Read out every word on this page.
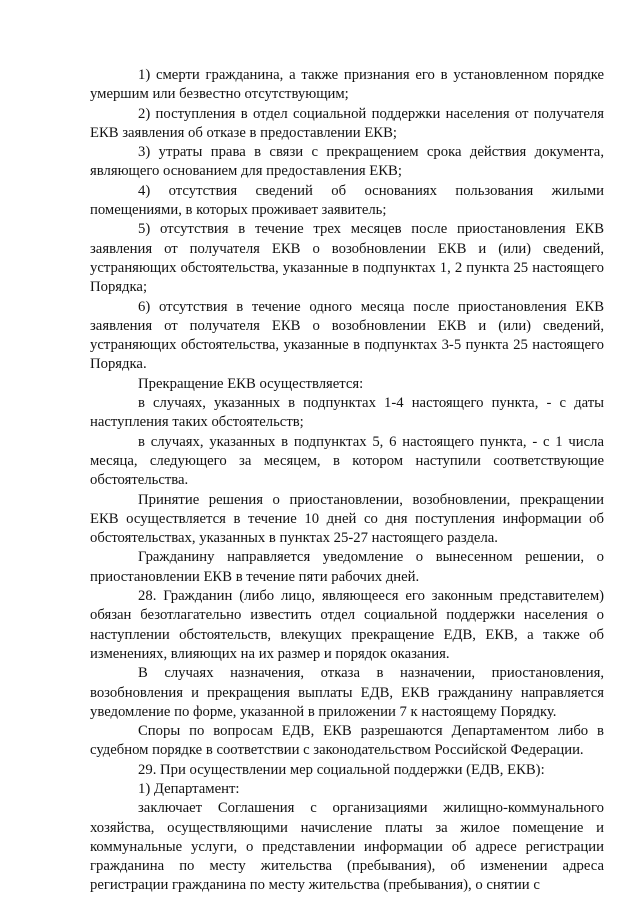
1) смерти гражданина, а также признания его в установленном порядке умершим или безвестно отсутствующим;

2) поступления в отдел социальной поддержки населения от получателя ЕКВ заявления об отказе в предоставлении ЕКВ;

3) утраты права в связи с прекращением срока действия документа, являющего основанием для предоставления ЕКВ;

4) отсутствия сведений об основаниях пользования жилыми помещениями, в которых проживает заявитель;

5) отсутствия в течение трех месяцев после приостановления ЕКВ заявления от получателя ЕКВ о возобновлении ЕКВ и (или) сведений, устраняющих обстоятельства, указанные в подпунктах 1, 2 пункта 25 настоящего Порядка;

6) отсутствия в течение одного месяца после приостановления ЕКВ заявления от получателя ЕКВ о возобновлении ЕКВ и (или) сведений, устраняющих обстоятельства, указанные в подпунктах 3-5 пункта 25 настоящего Порядка.

Прекращение ЕКВ осуществляется:

в случаях, указанных в подпунктах 1-4 настоящего пункта, - с даты наступления таких обстоятельств;

в случаях, указанных в подпунктах 5, 6 настоящего пункта, - с 1 числа месяца, следующего за месяцем, в котором наступили соответствующие обстоятельства.

Принятие решения о приостановлении, возобновлении, прекращении ЕКВ осуществляется в течение 10 дней со дня поступления информации об обстоятельствах, указанных в пунктах 25-27 настоящего раздела.

Гражданину направляется уведомление о вынесенном решении, о приостановлении ЕКВ в течение пяти рабочих дней.

28. Гражданин (либо лицо, являющееся его законным представителем) обязан безотлагательно известить отдел социальной поддержки населения о наступлении обстоятельств, влекущих прекращение ЕДВ, ЕКВ, а также об изменениях, влияющих на их размер и порядок оказания.

В случаях назначения, отказа в назначении, приостановления, возобновления и прекращения выплаты ЕДВ, ЕКВ гражданину направляется уведомление по форме, указанной в приложении 7 к настоящему Порядку.

Споры по вопросам ЕДВ, ЕКВ разрешаются Департаментом либо в судебном порядке в соответствии с законодательством Российской Федерации.

29. При осуществлении мер социальной поддержки (ЕДВ, ЕКВ):

1) Департамент:

заключает Соглашения с организациями жилищно-коммунального хозяйства, осуществляющими начисление платы за жилое помещение и коммунальные услуги, о представлении информации об адресе регистрации гражданина по месту жительства (пребывания), об изменении адреса регистрации гражданина по месту жительства (пребывания), о снятии с
